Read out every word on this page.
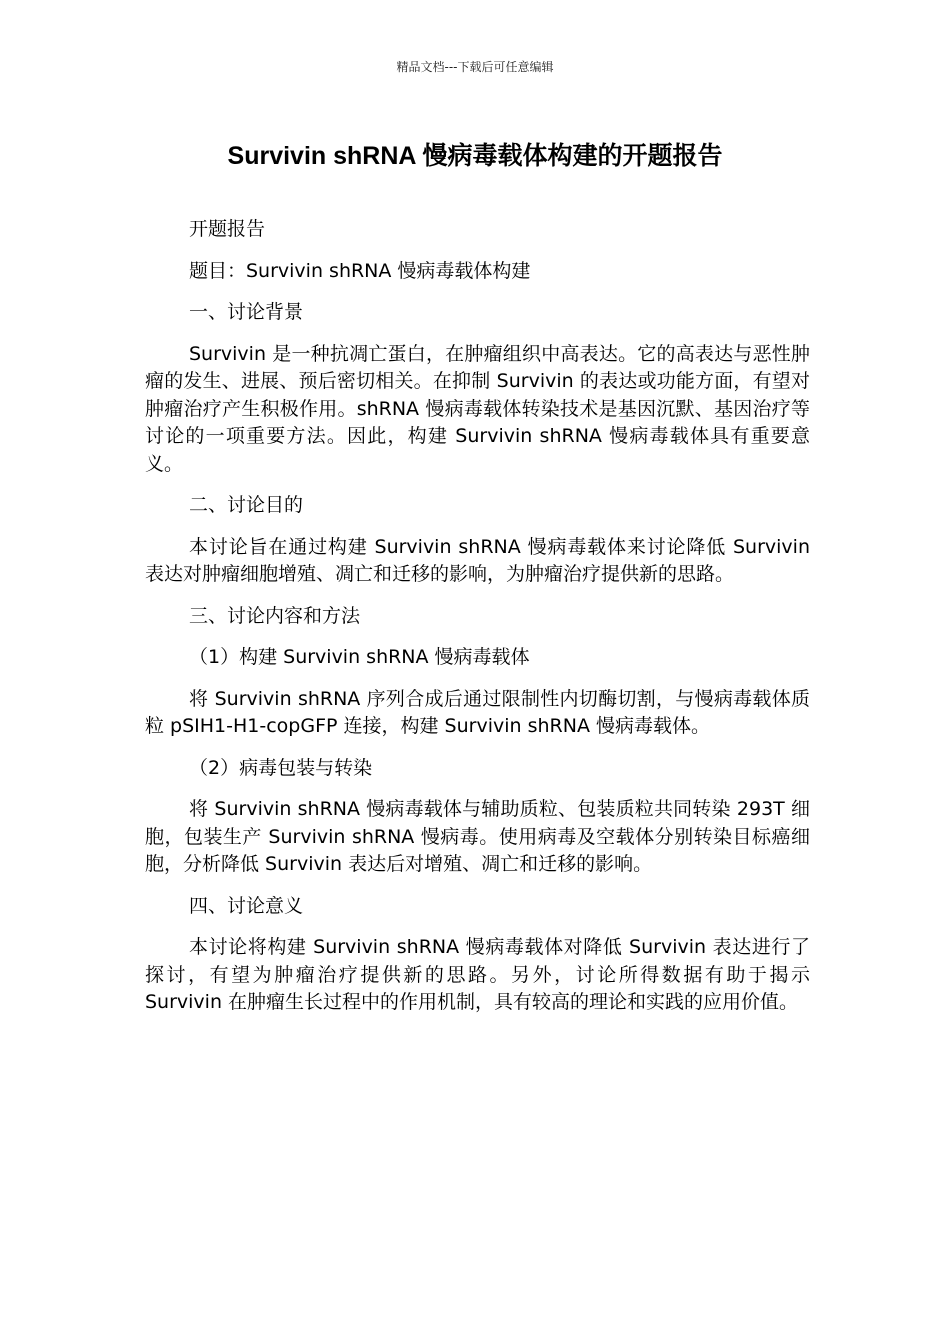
精品文档---下载后可任意编辑
Survivin shRNA 慢病毒载体构建的开题报告

开题报告

题目：Survivin shRNA 慢病毒载体构建

一、讨论背景

Survivin 是一种抗凋亡蛋白，在肿瘤组织中高表达。它的高表达与恶性肿瘤的发生、进展、预后密切相关。在抑制 Survivin 的表达或功能方面，有望对肿瘤治疗产生积极作用。shRNA 慢病毒载体转染技术是基因沉默、基因治疗等讨论的一项重要方法。因此，构建 Survivin shRNA 慢病毒载体具有重要意义。

二、讨论目的

本讨论旨在通过构建 Survivin shRNA 慢病毒载体来讨论降低 Survivin 表达对肿瘤细胞增殖、凋亡和迁移的影响，为肿瘤治疗提供新的思路。

三、讨论内容和方法

（1）构建 Survivin shRNA 慢病毒载体

将 Survivin shRNA 序列合成后通过限制性内切酶切割，与慢病毒载体质粒 pSIH1-H1-copGFP 连接，构建 Survivin shRNA 慢病毒载体。

（2）病毒包装与转染

将 Survivin shRNA 慢病毒载体与辅助质粒、包装质粒共同转染 293T 细胞，包装生产 Survivin shRNA 慢病毒。使用病毒及空载体分别转染目标癌细胞，分析降低 Survivin 表达后对增殖、凋亡和迁移的影响。

四、讨论意义

本讨论将构建 Survivin shRNA 慢病毒载体对降低 Survivin 表达进行了探讨，有望为肿瘤治疗提供新的思路。另外，讨论所得数据有助于揭示 Survivin 在肿瘤生长过程中的作用机制，具有较高的理论和实践的应用价值。
